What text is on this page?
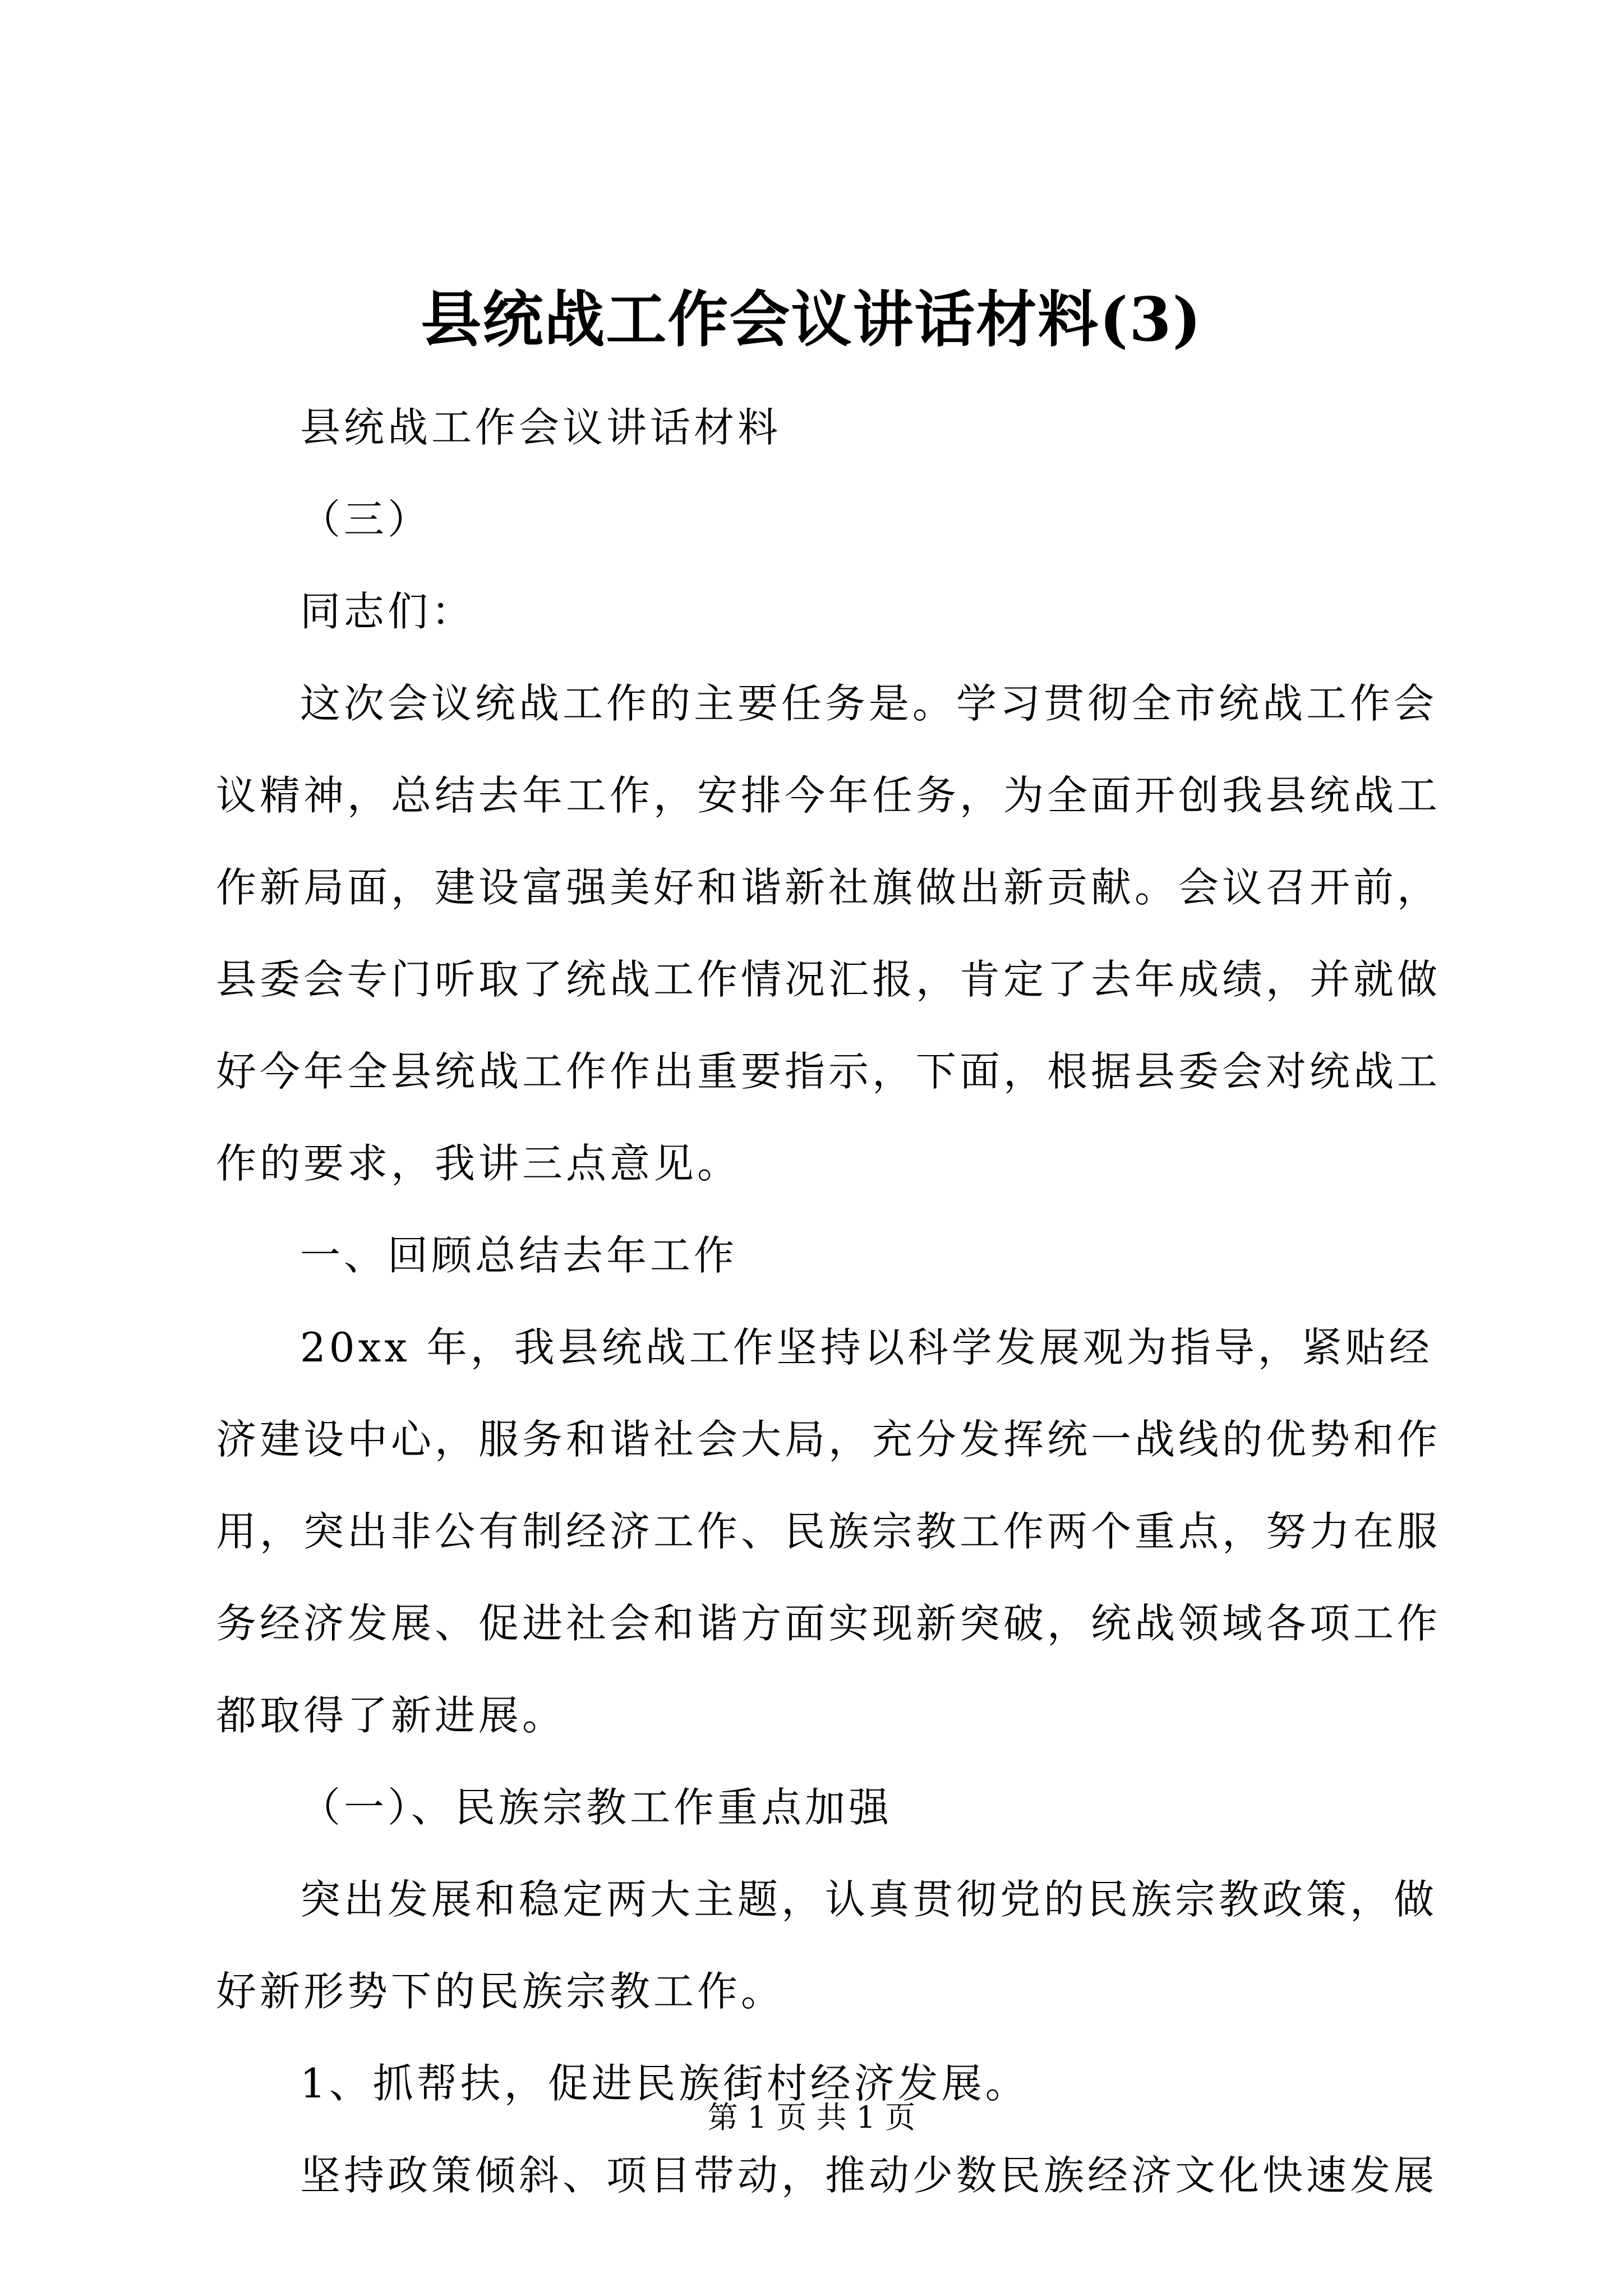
县统战工作会议讲话材料(3)
县统战工作会议讲话材料
（三）
同志们：
这次会议统战工作的主要任务是。学习贯彻全市统战工作会
议精神，总结去年工作，安排今年任务，为全面开创我县统战工
作新局面，建设富强美好和谐新社旗做出新贡献。会议召开前，
县委会专门听取了统战工作情况汇报，肯定了去年成绩，并就做
好今年全县统战工作作出重要指示，下面，根据县委会对统战工
作的要求，我讲三点意见。
一、回顾总结去年工作
20xx 年，我县统战工作坚持以科学发展观为指导，紧贴经
济建设中心，服务和谐社会大局，充分发挥统一战线的优势和作
用，突出非公有制经济工作、民族宗教工作两个重点，努力在服
务经济发展、促进社会和谐方面实现新突破，统战领域各项工作
都取得了新进展。
（一）、民族宗教工作重点加强
突出发展和稳定两大主题，认真贯彻党的民族宗教政策，做
好新形势下的民族宗教工作。
1、抓帮扶，促进民族街村经济发展。
坚持政策倾斜、项目带动，推动少数民族经济文化快速发展
第 1 页 共 1 页
